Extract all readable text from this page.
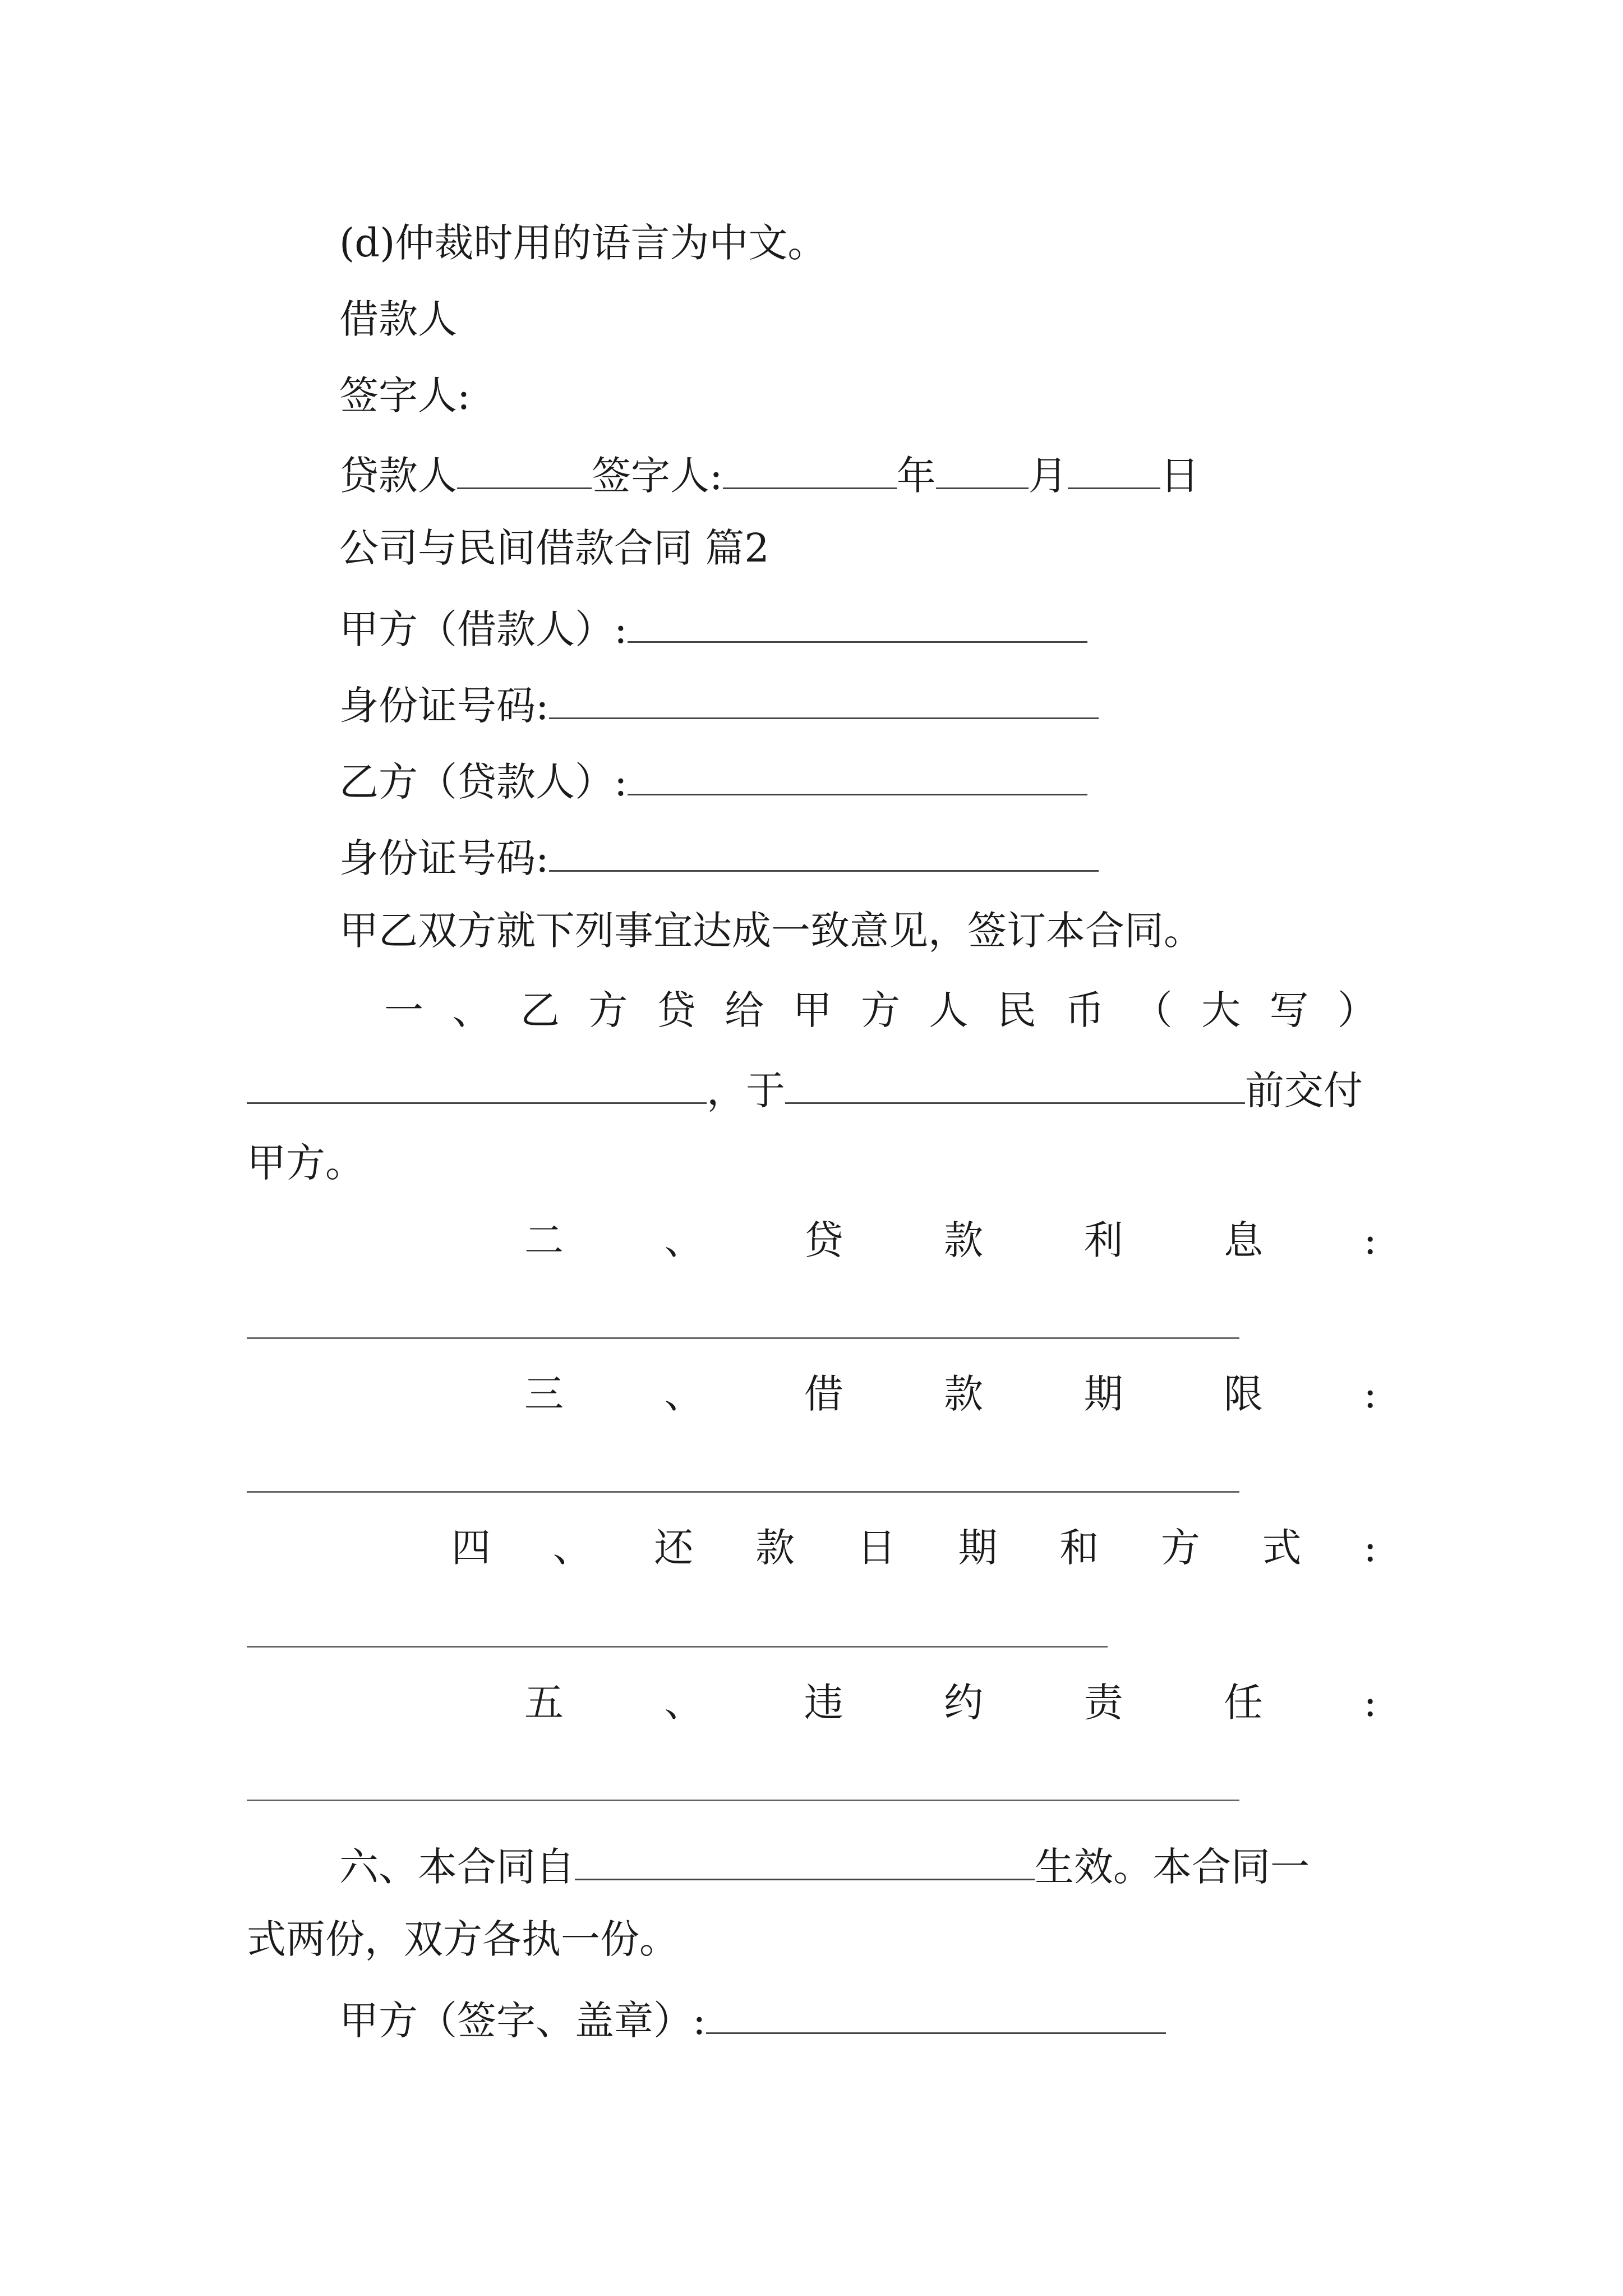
(d)仲裁时用的语言为中文。
借款人
签字人:
贷款人	签字人:	年 月 日
公司与民间借款合同 篇2
甲方（借款人）:
身份证号码:
乙方（贷款人）:
身份证号码:
甲乙双方就下列事宜达成一致意见，签订本合同。
一 、 乙 方 贷 给 甲 方 人 民 币 （ 大 写 ）
，于	前交付
甲方。
二	、	贷	款	利	息	:
三	、	借	款	期	限	:
四 、 还 款 日 期 和 方 式 :
五	、	违	约	责	任	:
六、本合同自	生效。本合同一
式两份，双方各执一份。
甲方（签字、盖章）:
